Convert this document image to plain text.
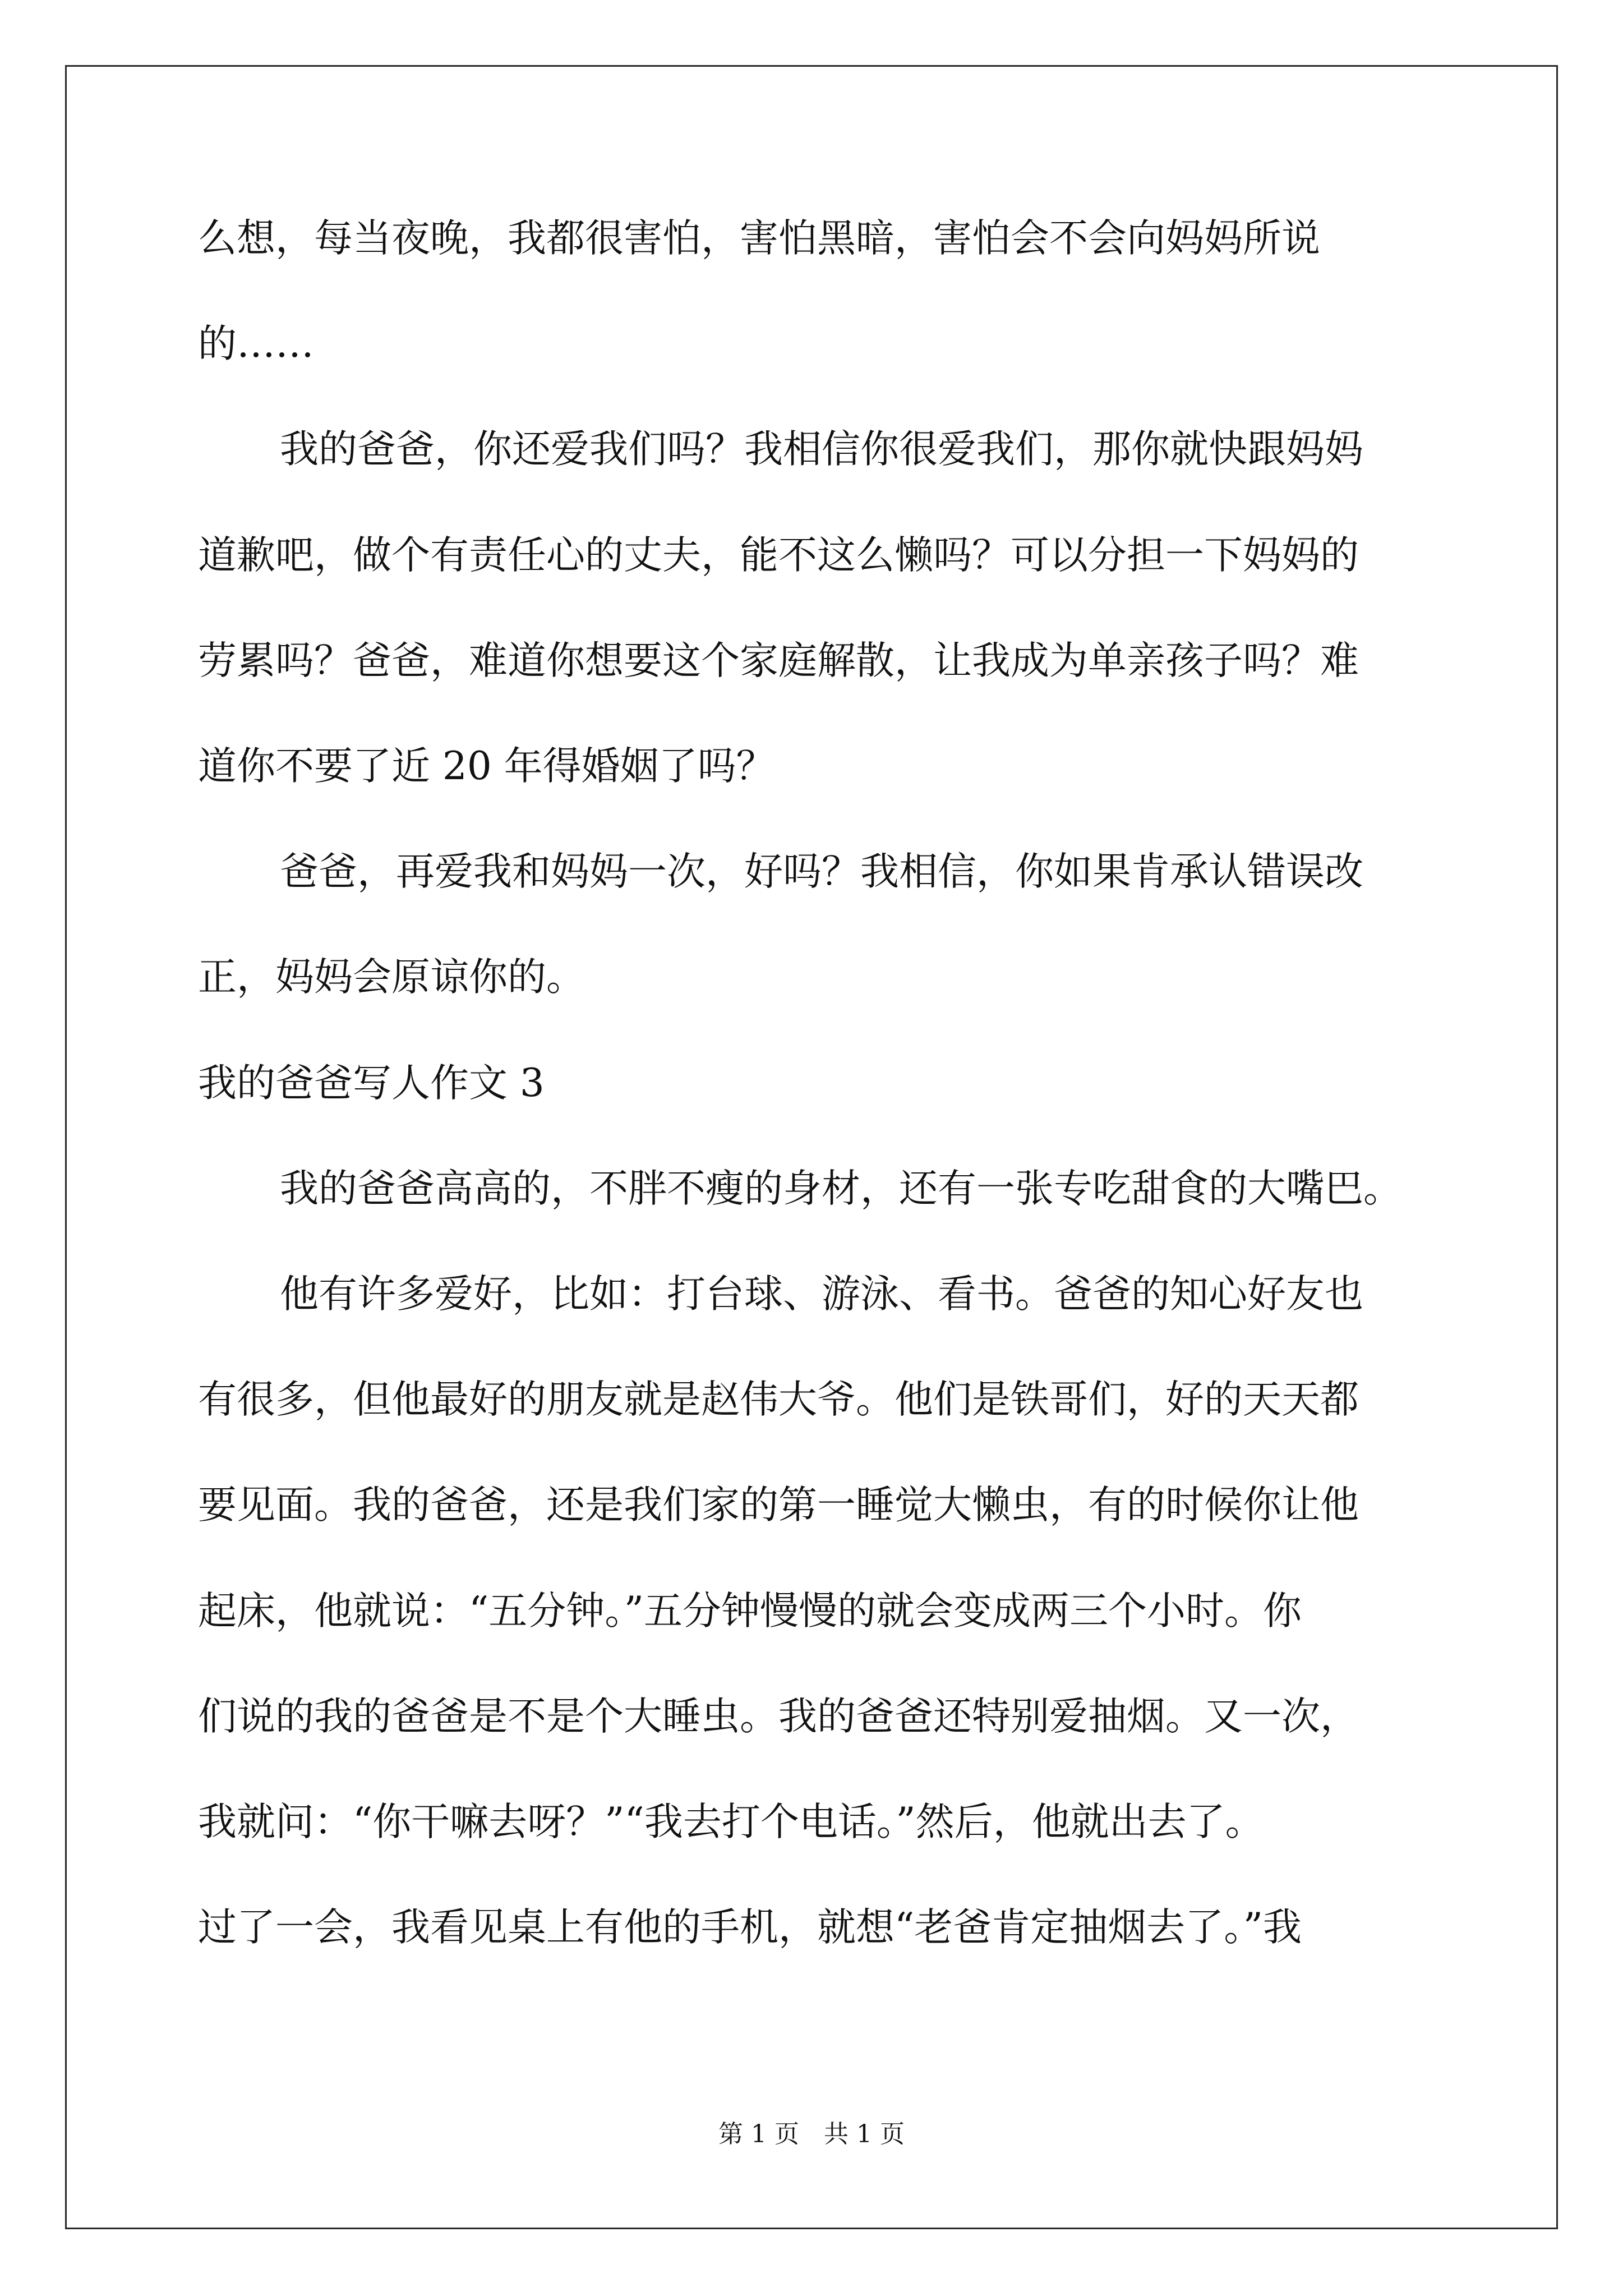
么想，每当夜晚，我都很害怕，害怕黑暗，害怕会不会向妈妈所说
的……
我的爸爸，你还爱我们吗？我相信你很爱我们，那你就快跟妈妈
道歉吧，做个有责任心的丈夫，能不这么懒吗？可以分担一下妈妈的
劳累吗？爸爸，难道你想要这个家庭解散，让我成为单亲孩子吗？难
道你不要了近 20 年得婚姻了吗？
爸爸，再爱我和妈妈一次，好吗？我相信，你如果肯承认错误改
正，妈妈会原谅你的。
我的爸爸写人作文 3
我的爸爸高高的，不胖不瘦的身材，还有一张专吃甜食的大嘴巴。
他有许多爱好，比如：打台球、游泳、看书。爸爸的知心好友也
有很多，但他最好的朋友就是赵伟大爷。他们是铁哥们，好的天天都
要见面。我的爸爸，还是我们家的第一睡觉大懒虫，有的时候你让他
起床，他就说：“五分钟。”五分钟慢慢的就会变成两三个小时。你
们说的我的爸爸是不是个大睡虫。我的爸爸还特别爱抽烟。又一次，
我就问：“你干嘛去呀？”“我去打个电话。”然后，他就出去了。
过了一会，我看见桌上有他的手机，就想“老爸肯定抽烟去了。”我
第 1 页　共 1 页
